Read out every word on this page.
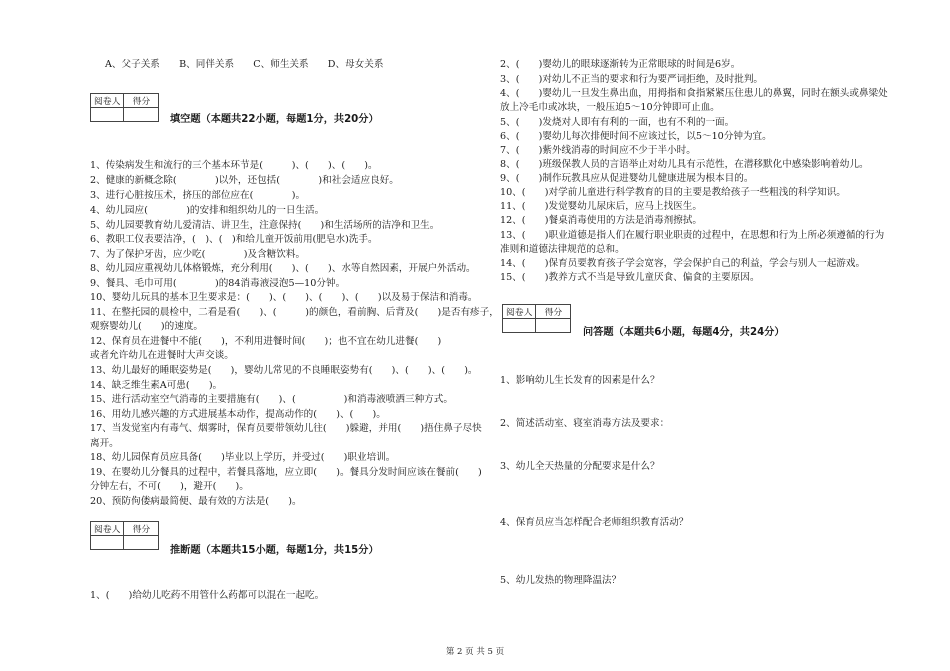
A、父子关系　　B、同伴关系　　C、师生关系　　D、母女关系
阅卷人	得分

填空题（本题共22小题，每题1分，共20分）
1、传染病发生和流行的三个基本环节是(　　　)、(　　)、(　　)。
2、健康的新概念除(　　　　)以外，还包括(　　　　)和社会适应良好。
3、进行心脏按压术，挤压的部位应在(　　　　)。
4、幼儿园应(　　　　)的安排和组织幼儿的一日生活。
5、幼儿园要教育幼儿爱清洁、讲卫生，注意保持(　　)和生活场所的洁净和卫生。
6、教职工仪表要洁净，(　)、(　)和给儿童开饭前用(肥皂水)洗手。
7、为了保护牙齿，应少吃(　　　　)及含糖饮料。
8、幼儿园应重视幼儿体格锻炼，充分利用(　　)、(　　)、水等自然因素，开展户外活动。
9、餐具、毛巾可用(　　　　)的84消毒液浸泡5—10分钟。
10、婴幼儿玩具的基本卫生要求是：(　　)、(　　)、(　　)、(　　)以及易于保洁和消毒。
11、在整托园的晨检中，二看是看(　　)、(　　　)的颜色，看前胸、后背及(　　)是否有疹子，
观察婴幼儿(　　)的速度。
12、保育员在进餐中不能(　　)，不利用进餐时间(　　)；也不宜在幼儿进餐(　　)
或者允许幼儿在进餐时大声交谈。
13、幼儿最好的睡眠姿势是(　　)，婴幼儿常见的不良睡眠姿势有(　　)、(　　)、(　　)。
14、缺乏维生素A可患(　　)。
15、进行活动室空气消毒的主要措施有(　　)、(　　　　　)和消毒液喷洒三种方式。
16、用幼儿感兴趣的方式进展基本动作，提高动作的(　　)、(　　)。
17、当发觉室内有毒气、烟雾时，保育员要带领幼儿往(　　)躲避，并用(　　)捂住鼻子尽快
离开。
18、幼儿园保育员应具备(　　)毕业以上学历，并受过(　　)职业培训。
19、在婴幼儿分餐具的过程中，若餐具落地，应立即(　　)。餐具分发时间应该在餐前(　　)
分钟左右，不可(　　)，避开(　　)。
20、预防佝偻病最简便、最有效的方法是(　　)。
阅卷人	得分

推断题（本题共15小题，每题1分，共15分）
1、(　　)给幼儿吃药不用管什么药都可以混在一起吃。
2、(　　)婴幼儿的眼球逐渐转为正常眼球的时间是6岁。
3、(　　)对幼儿不正当的要求和行为要严词拒绝，及时批判。
4、(　　)婴幼儿一旦发生鼻出血，用拇指和食指紧紧压住患儿的鼻翼，同时在额头或鼻梁处
放上冷毛巾或冰块，一般压迫5～10分钟即可止血。
5、(　　)发烧对人即有有利的一面，也有不利的一面。
6、(　　)婴幼儿每次排便时间不应该过长，以5～10分钟为宜。
7、(　　)紫外线消毒的时间应不少于半小时。
8、(　　)班级保教人员的言语举止对幼儿具有示范性，在潜移默化中感染影响着幼儿。
9、(　　)制作玩教具应从促进婴幼儿健康进展为根本目的。
10、(　　)对学前儿童进行科学教育的目的主要是教给孩子一些粗浅的科学知识。
11、(　　)发觉婴幼儿尿床后，应马上找医生。
12、(　　)餐桌消毒使用的方法是消毒剂擦拭。
13、(　　)职业道德是指人们在履行职业职责的过程中，在思想和行为上所必须遵循的行为
准则和道德法律规范的总和。
14、(　　)保育员要教育孩子学会宽容，学会保护自己的利益，学会与别人一起游戏。
15、(　　)教养方式不当是导致儿童厌食、偏食的主要原因。
阅卷人	得分

问答题（本题共6小题，每题4分，共24分）
1、影响幼儿生长发育的因素是什么？
2、简述活动室、寝室消毒方法及要求：
3、幼儿全天热量的分配要求是什么？
4、保育员应当怎样配合老师组织教育活动？
5、幼儿发热的物理降温法？
第 2 页 共 5 页
